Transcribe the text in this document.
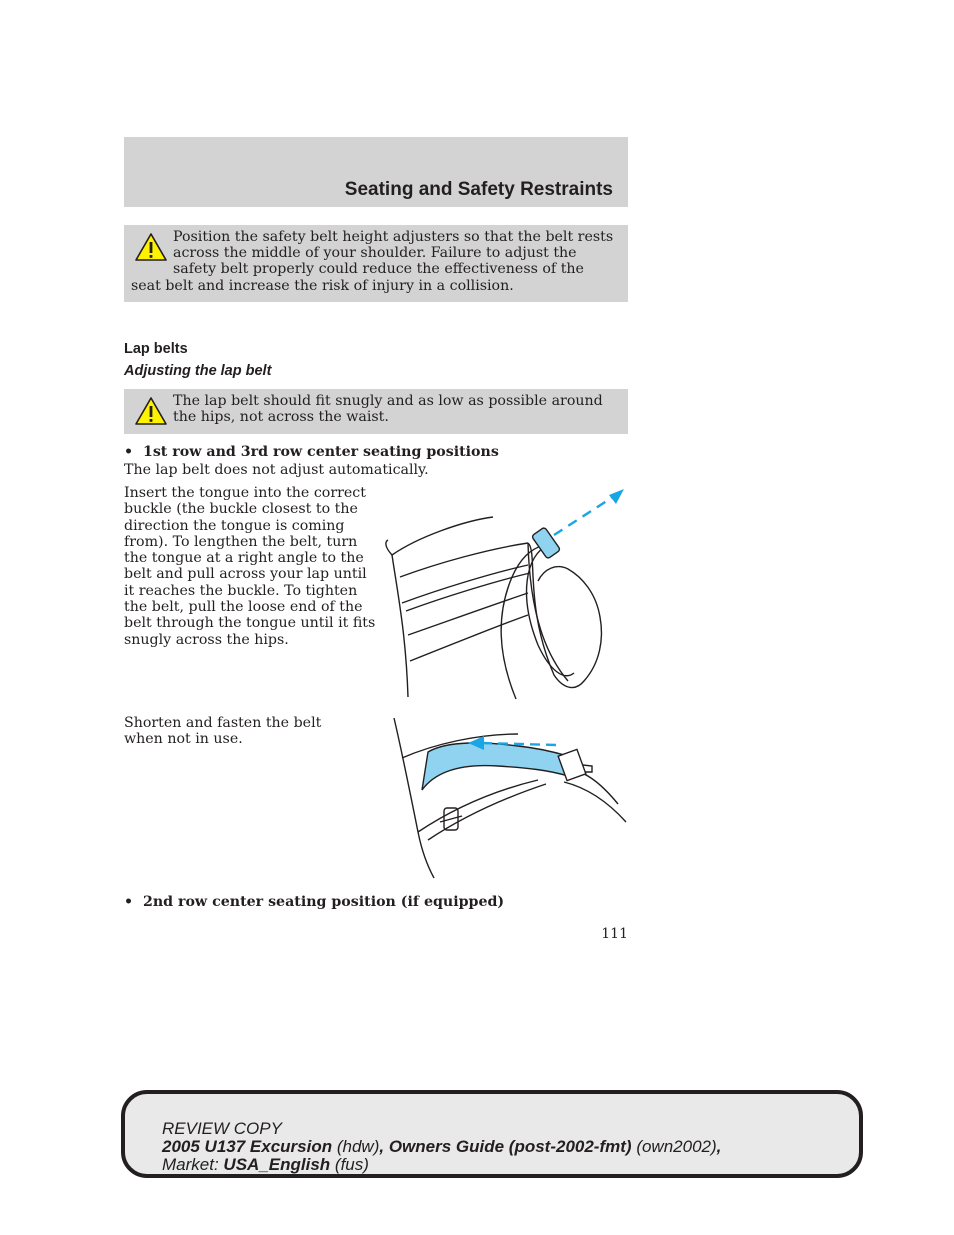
Seating and Safety Restraints
Position the safety belt height adjusters so that the belt rests across the middle of your shoulder. Failure to adjust the safety belt properly could reduce the effectiveness of the seat belt and increase the risk of injury in a collision.
Lap belts
Adjusting the lap belt
The lap belt should fit snugly and as low as possible around the hips, not across the waist.
•  1st row and 3rd row center seating positions
The lap belt does not adjust automatically.
Insert the tongue into the correct buckle (the buckle closest to the direction the tongue is coming from). To lengthen the belt, turn the tongue at a right angle to the belt and pull across your lap until it reaches the buckle. To tighten the belt, pull the loose end of the belt through the tongue until it fits snugly across the hips.
Shorten and fasten the belt when not in use.
•  2nd row center seating position (if equipped)
111
REVIEW COPY
2005 U137 Excursion (hdw), Owners Guide (post-2002-fmt) (own2002),
Market: USA_English (fus)
